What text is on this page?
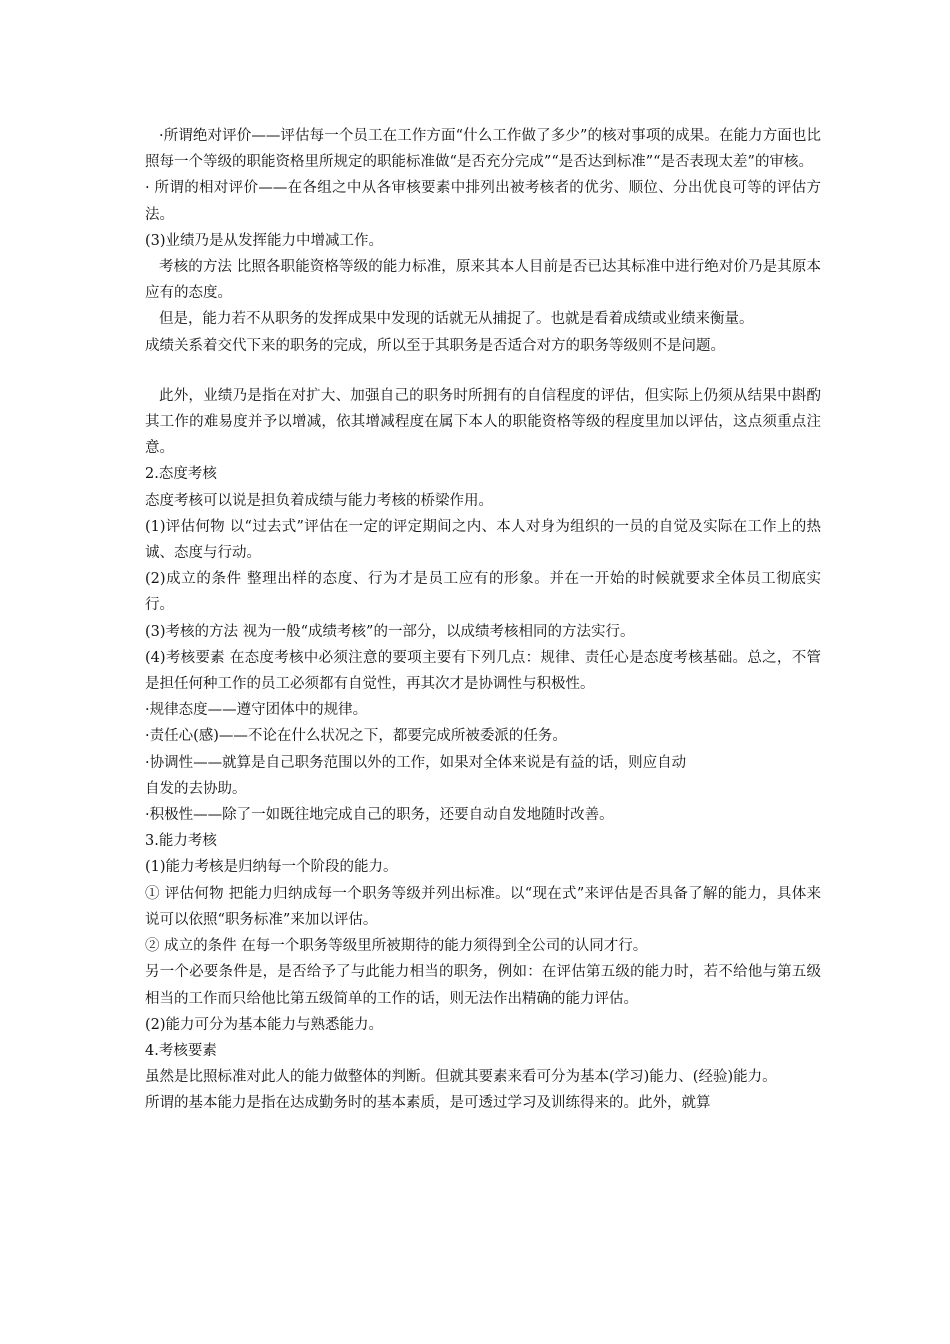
·所谓绝对评价——评估每一个员工在工作方面“什么工作做了多少”的核对事项的成果。在能力方面也比照每一个等级的职能资格里所规定的职能标准做“是否充分完成”“是否达到标准”“是否表现太差”的审核。

· 所谓的相对评价——在各组之中从各审核要素中排列出被考核者的优劣、顺位、分出优良可等的评估方法。

(3)业绩乃是从发挥能力中增减工作。

考核的方法 比照各职能资格等级的能力标准，原来其本人目前是否已达其标准中进行绝对价乃是其原本应有的态度。

但是，能力若不从职务的发挥成果中发现的话就无从捕捉了。也就是看着成绩或业绩来衡量。

成绩关系着交代下来的职务的完成，所以至于其职务是否适合对方的职务等级则不是问题。

此外，业绩乃是指在对扩大、加强自己的职务时所拥有的自信程度的评估，但实际上仍须从结果中斟酌其工作的难易度并予以增减，依其增减程度在属下本人的职能资格等级的程度里加以评估，这点须重点注意。

2.态度考核

态度考核可以说是担负着成绩与能力考核的桥梁作用。

(1)评估何物 以“过去式”评估在一定的评定期间之内、本人对身为组织的一员的自觉及实际在工作上的热诚、态度与行动。

(2)成立的条件 整理出样的态度、行为才是员工应有的形象。并在一开始的时候就要求全体员工彻底实行。

(3)考核的方法 视为一般“成绩考核”的一部分，以成绩考核相同的方法实行。

(4)考核要素 在态度考核中必须注意的要项主要有下列几点：规律、责任心是态度考核基础。总之，不管是担任何种工作的员工必须都有自觉性，再其次才是协调性与积极性。

·规律态度——遵守团体中的规律。

·责任心(感)——不论在什么状况之下，都要完成所被委派的任务。

·协调性——就算是自己职务范围以外的工作，如果对全体来说是有益的话，则应自动

自发的去协助。

·积极性——除了一如既往地完成自己的职务，还要自动自发地随时改善。

3.能力考核

(1)能力考核是归纳每一个阶段的能力。

① 评估何物 把能力归纳成每一个职务等级并列出标准。以“现在式”来评估是否具备了解的能力，具体来说可以依照“职务标准”来加以评估。

② 成立的条件 在每一个职务等级里所被期待的能力须得到全公司的认同才行。

另一个必要条件是，是否给予了与此能力相当的职务，例如：在评估第五级的能力时，若不给他与第五级相当的工作而只给他比第五级简单的工作的话，则无法作出精确的能力评估。

(2)能力可分为基本能力与熟悉能力。

4.考核要素

虽然是比照标准对此人的能力做整体的判断。但就其要素来看可分为基本(学习)能力、(经验)能力。

所谓的基本能力是指在达成勤务时的基本素质，是可透过学习及训练得来的。此外，就算
